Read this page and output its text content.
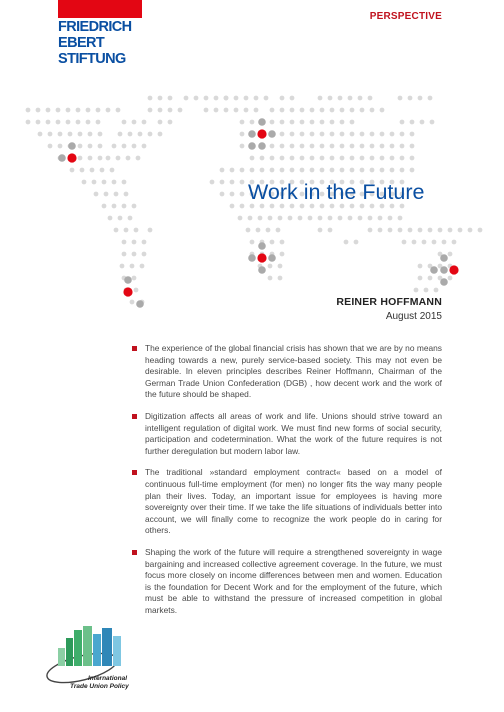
FRIEDRICH
EBERT
STIFTUNG
PERSPECTIVE
Work in the Future
REINER HOFFMANN
August 2015
The experience of the global financial crisis has shown that we are by no means heading towards a new, purely service-based society. This may not even be desirable. In eleven principles describes Reiner Hoffmann, Chairman of the German Trade Union Confederation (DGB) , how decent work and the work of the future should be shaped.
Digitization affects all areas of work and life. Unions should strive toward an intelligent regulation of digital work. We must find new forms of social security, participation and codetermination. What the work of the future requires is not further deregulation but modern labor law.
The traditional »standard employment contract« based on a model of continuous full-time employment (for men) no longer fits the way many people plan their lives. Today, an important issue for employees is having more sovereignty over their time. If we take the life situations of individuals better into account, we will finally come to recognize the work people do in caring for others.
Shaping the work of the future will require a strengthened sovereignty in wage bargaining and increased collective agreement coverage. In the future, we must focus more closely on income differences between men and women. Education is the foundation for Decent Work and for the employment of the future, which must be able to withstand the pressure of increased competition in global markets.
International
Trade Union Policy
